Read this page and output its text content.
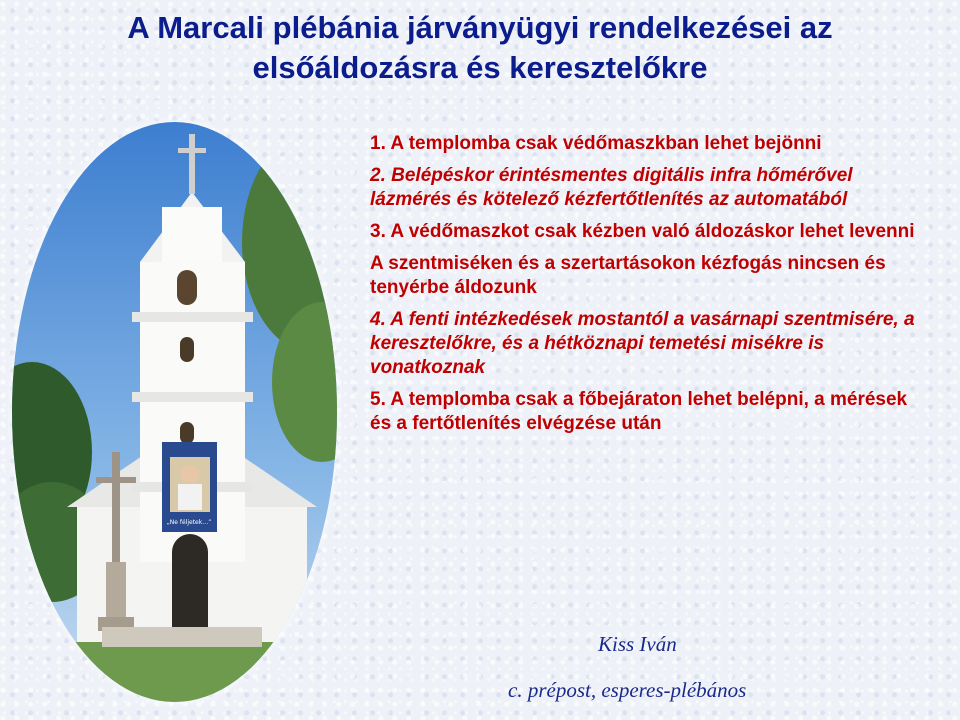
A Marcali plébánia járványügyi rendelkezései az
elsőáldozásra és keresztelőkre
„Ne féljetek…”
1. A templomba csak védőmaszkban lehet bejönni
2. Belépéskor érintésmentes digitális infra hőmérővel lázmérés és kötelező kézfertőtlenítés az automatából
3. A védőmaszkot csak kézben való áldozáskor lehet levenni
A szentmiséken és a szertartásokon kézfogás nincsen és tenyérbe áldozunk
4. A fenti intézkedések mostantól a vasárnapi szentmisére, a keresztelőkre, és a hétköznapi temetési misékre is vonatkoznak
5. A templomba csak a főbejáraton lehet belépni, a mérések és a fertőtlenítés elvégzése után
Kiss Iván
c. prépost, esperes-plébános
